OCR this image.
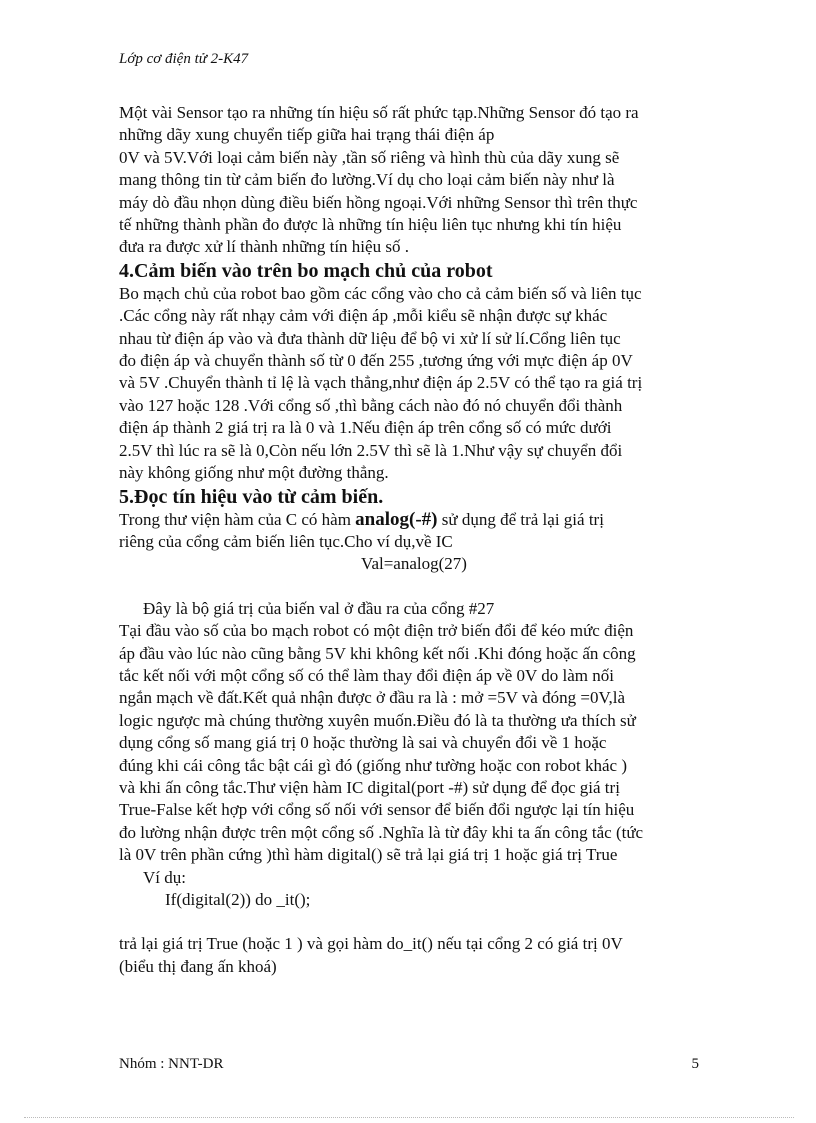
Lớp cơ điện tử 2-K47

Một vài Sensor tạo ra những tín hiệu số rất phức tạp.Những Sensor đó tạo ra

những dãy xung chuyển tiếp giữa hai trạng thái điện áp

0V và 5V.Với loại cảm biến này ,tần số riêng và hình thù của dãy xung sẽ

mang thông tin từ cảm biến đo lường.Ví dụ cho loại cảm biến này như là

máy dò đầu nhọn dùng điều biến hồng ngoại.Với những Sensor thì trên thực

tế những thành phần đo được là những tín hiệu liên tục nhưng khi tín hiệu

đưa ra được xử lí thành những tín hiệu số .

4.Cảm biến vào trên bo mạch chủ của robot

Bo mạch chủ của robot bao gồm các cổng vào cho cả cảm biến số và liên tục

.Các cổng này rất nhạy cảm với điện áp ,mỗi kiểu sẽ nhận được sự khác

nhau từ điện áp vào và đưa thành dữ liệu để bộ vi xử lí sử lí.Cổng liên tục

đo điện áp và chuyển thành số từ 0 đến 255 ,tương ứng với mực điện áp 0V

và 5V .Chuyển thành tỉ lệ là vạch thẳng,như điện áp 2.5V có thể tạo ra giá trị

vào 127 hoặc 128 .Với cổng số ,thì bằng cách nào đó nó chuyển đổi thành

điện áp thành 2 giá trị ra là 0 và 1.Nếu điện áp trên cổng số có mức dưới

2.5V thì lúc ra sẽ là 0,Còn nếu lớn 2.5V thì sẽ là 1.Như vậy sự chuyển đổi

này không giống như một đường thẳng.

5.Đọc tín hiệu vào từ cảm biến.

Trong thư viện hàm của C có hàm analog(-#) sử dụng để trả lại giá trị

riêng của cổng cảm biến liên tục.Cho ví dụ,về IC

Val=analog(27)

Đây là bộ giá trị của biến val ở đầu ra của cổng #27

Tại đầu vào số của bo mạch robot có một điện trở biến đổi để kéo mức điện

áp đầu vào lúc nào cũng bằng 5V khi không kết nối .Khi đóng hoặc ấn công

tắc kết nối với một cổng số có thể làm thay đổi điện áp về 0V do làm nối

ngắn mạch về đất.Kết quả nhận được ở đầu ra là : mở =5V và đóng =0V,là

logic ngược mà chúng thường xuyên muốn.Điều đó là ta thường ưa thích sử

dụng cổng số mang giá trị 0 hoặc thường là sai và chuyển đổi về 1 hoặc

đúng khi cái công tắc bật cái gì đó (giống như tường hoặc con robot khác )

và khi ấn công tắc.Thư viện hàm IC digital(port -#) sử dụng để đọc giá trị

True-False kết hợp với cổng số nối với sensor để biến đổi ngược lại tín hiệu

đo lường nhận được trên một cổng số .Nghĩa là từ đây khi ta ấn công tắc (tức

là 0V trên phần cứng )thì hàm digital() sẽ trả lại giá trị 1 hoặc giá trị True

Ví dụ:

If(digital(2)) do _it();

trả lại giá trị True (hoặc 1 ) và gọi hàm do_it() nếu tại cổng 2 có giá trị 0V

(biểu thị đang ấn khoá)

Nhóm : NNT-DR	5
